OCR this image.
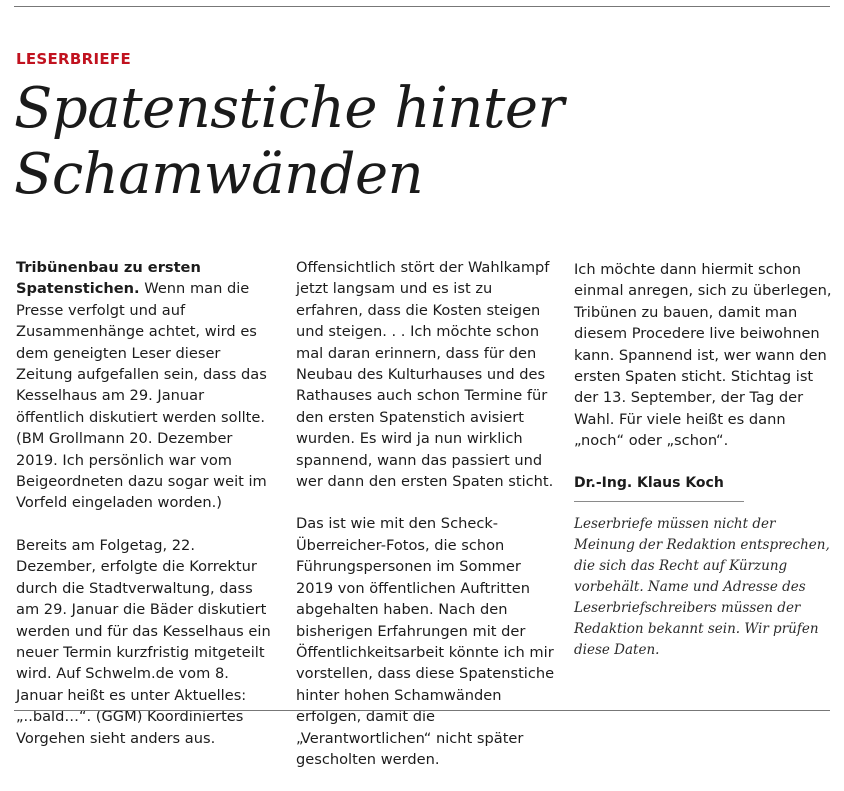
LESERBRIEFE
Spatenstiche hinter
Schamwänden

Tribünenbau zu ersten Spatenstichen. Wenn man die Presse verfolgt und auf Zusammenhänge achtet, wird es dem geneigten Leser dieser Zeitung aufgefallen sein, dass das Kesselhaus am 29. Januar öffentlich diskutiert werden sollte. (BM Grollmann 20. Dezember 2019. Ich persönlich war vom Beigeordneten dazu sogar weit im Vorfeld eingeladen worden.)

Bereits am Folgetag, 22. Dezember, erfolgte die Korrektur durch die Stadtverwaltung, dass am 29. Januar die Bäder diskutiert werden und für das Kesselhaus ein neuer Termin kurzfristig mitgeteilt wird. Auf Schwelm.de vom 8. Januar heißt es unter Aktuelles: „..bald…“. (GGM) Koordiniertes Vorgehen sieht anders aus.

Offensichtlich stört der Wahlkampf jetzt langsam und es ist zu erfahren, dass die Kosten steigen und steigen. . . Ich möchte schon mal daran erinnern, dass für den Neubau des Kulturhauses und des Rathauses auch schon Termine für den ersten Spatenstich avisiert wurden. Es wird ja nun wirklich spannend, wann das passiert und wer dann den ersten Spaten sticht.

Das ist wie mit den Scheck-Überreicher-Fotos, die schon Führungspersonen im Sommer 2019 von öffentlichen Auftritten abgehalten haben. Nach den bisherigen Erfahrungen mit der Öffentlichkeitsarbeit könnte ich mir vorstellen, dass diese Spatenstiche hinter hohen Schamwänden erfolgen, damit die „Verantwortlichen“ nicht später gescholten werden.

Ich möchte dann hiermit schon einmal anregen, sich zu überlegen, Tribünen zu bauen, damit man diesem Procedere live beiwohnen kann. Spannend ist, wer wann den ersten Spaten sticht. Stichtag ist der 13. September, der Tag der Wahl. Für viele heißt es dann „noch“ oder „schon“.

Dr.-Ing. Klaus Koch

Leserbriefe müssen nicht der Meinung der Redaktion entsprechen, die sich das Recht auf Kürzung vorbehält. Name und Adresse des Leserbriefschreibers müssen der Redaktion bekannt sein. Wir prüfen diese Daten.
